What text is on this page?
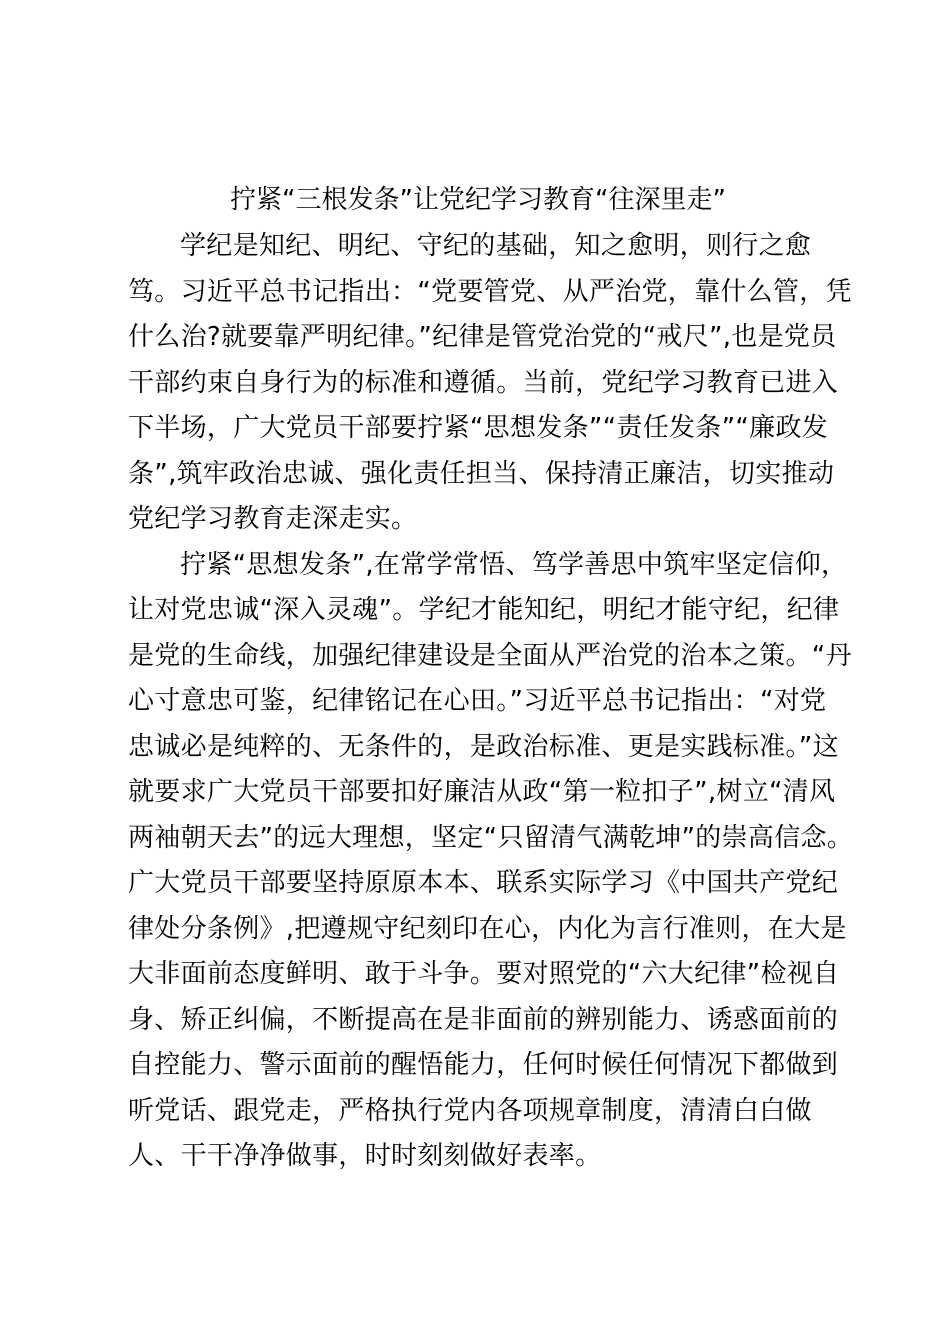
拧紧“三根发条”让党纪学习教育“往深里走”
学纪是知纪、明纪、守纪的基础，知之愈明，则行之愈
笃。习近平总书记指出：“党要管党、从严治党，靠什么管，凭
什么治?就要靠严明纪律。”纪律是管党治党的“戒尺”,也是党员
干部约束自身行为的标准和遵循。当前，党纪学习教育已进入
下半场，广大党员干部要拧紧“思想发条”“责任发条”“廉政发
条”,筑牢政治忠诚、强化责任担当、保持清正廉洁，切实推动
党纪学习教育走深走实。
拧紧“思想发条”,在常学常悟、笃学善思中筑牢坚定信仰，
让对党忠诚“深入灵魂”。学纪才能知纪，明纪才能守纪，纪律
是党的生命线，加强纪律建设是全面从严治党的治本之策。“丹
心寸意忠可鉴，纪律铭记在心田。”习近平总书记指出：“对党
忠诚必是纯粹的、无条件的，是政治标准、更是实践标准。”这
就要求广大党员干部要扣好廉洁从政“第一粒扣子”,树立“清风
两袖朝天去”的远大理想，坚定“只留清气满乾坤”的崇高信念。
广大党员干部要坚持原原本本、联系实际学习《中国共产党纪
律处分条例》,把遵规守纪刻印在心，内化为言行准则，在大是
大非面前态度鲜明、敢于斗争。要对照党的“六大纪律”检视自
身、矫正纠偏，不断提高在是非面前的辨别能力、诱惑面前的
自控能力、警示面前的醒悟能力，任何时候任何情况下都做到
听党话、跟党走，严格执行党内各项规章制度，清清白白做
人、干干净净做事，时时刻刻做好表率。
